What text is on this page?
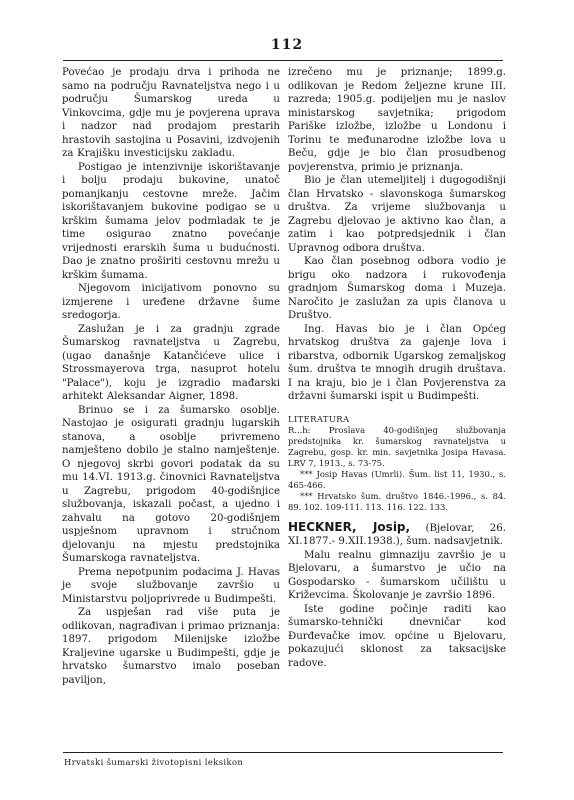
112

Povećao je prodaju drva i prihoda ne samo na području Ravnateljstva nego i u području Šumarskog ureda u Vinkovcima, gdje mu je povjerena uprava i nadzor nad prodajom prestarih hrastovih sastojina u Posavini, izdvojenih za Krajišku investicijsku zakladu.

Postigao je intenzivnije iskorištavanje i bolju prodaju bukovine, unatoč pomanjkanju cestovne mreže. Jačim iskorištavanjem bukovine podigao se u krškim šumama jelov podmladak te je time osigurao znatno povećanje vrijednosti erarskih šuma u budućnosti. Dao je znatno proširiti cestovnu mrežu u krškim šumama.

Njegovom inicijativom ponovno su izmjerene i uređene državne šume sredogorja.

Zaslužan je i za gradnju zgrade Šumarskog ravnateljstva u Zagrebu, (ugao današnje Katančićeve ulice i Strossmayerova trga, nasuprot hotelu "Palace"), koju je izgradio mađarski arhitekt Aleksandar Aigner, 1898.

Brinuo se i za šumarsko osoblje. Nastojao je osigurati gradnju lugarskih stanova, a osoblje privremeno namješteno dobilo je stalno namještenje. O njegovoj skrbi govori podatak da su mu 14.VI. 1913.g. činovnici Ravnateljstva u Zagrebu, prigodom 40-godišnjice službovanja, iskazali počast, a ujedno i zahvalu na gotovo 20-godišnjem uspješnom upravnom i stručnom djelovanju na mjestu predstojnika Šumarskoga ravnateljstva.

Prema nepotpunim podacima J. Havas je svoje službovanje završio u Ministarstvu poljoprivrede u Budimpešti.

Za uspješan rad više puta je odlikovan, nagrađivan i primao priznanja: 1897. prigodom Milenijske izložbe Kraljevine ugarske u Budimpešti, gdje je hrvatsko šumarstvo imalo poseban paviljon,

izrečeno mu je priznanje; 1899.g. odlikovan je Redom željezne krune III. razreda; 1905.g. podijeljen mu je naslov ministarskog savjetnika; prigodom Pariške izložbe, izložbe u Londonu i Torinu te međunarodne izložbe lova u Beču, gdje je bio član prosudbenog povjerenstva, primio je priznanja.

Bio je član utemeljitelj i dugogodišnji član Hrvatsko - slavonskoga šumarskog društva. Za vrijeme službovanja u Zagrebu djelovao je aktivno kao član, a zatim i kao potpredsjednik i član Upravnog odbora društva.

Kao član posebnog odbora vodio je brigu oko nadzora i rukovođenja gradnjom Šumarskog doma i Muzeja. Naročito je zaslužan za upis članova u Društvo.

Ing. Havas bio je i član Općeg hrvatskog društva za gajenje lova i ribarstva, odbornik Ugarskog zemaljskog šum. društva te mnogih drugih društava. I na kraju, bio je i član Povjerenstva za državni šumarski ispit u Budimpešti.

LITERATURA

R...h: Proslava 40-godišnjeg službovanja predstojnika kr. šumarskog ravnateljstva u Zagrebu, gosp. kr. min. savjetnika Josipa Havasa. LRV 7, 1913., s. 73-75.

*** Josip Havas (Umrli). Šum. list 11, 1930., s. 465-466.

*** Hrvatsko šum. društvo 1846.-1996., s. 84. 89. 102. 109-111. 113. 116. 122. 133.

HECKNER, Josip, (Bjelovar, 26. XI.1877.- 9.XII.1938.), šum. nadsavjetnik.

Malu realnu gimnaziju završio je u Bjelovaru, a šumarstvo je učio na Gospodarsko - šumarskom učilištu u Križevcima. Školovanje je završio 1896.

Iste godine počinje raditi kao šumarsko-tehnički dnevničar kod Đurđevačke imov. općine u Bjelovaru, pokazujući sklonost za taksacijske radove.

Hrvatski šumarski životopisni leksikon
